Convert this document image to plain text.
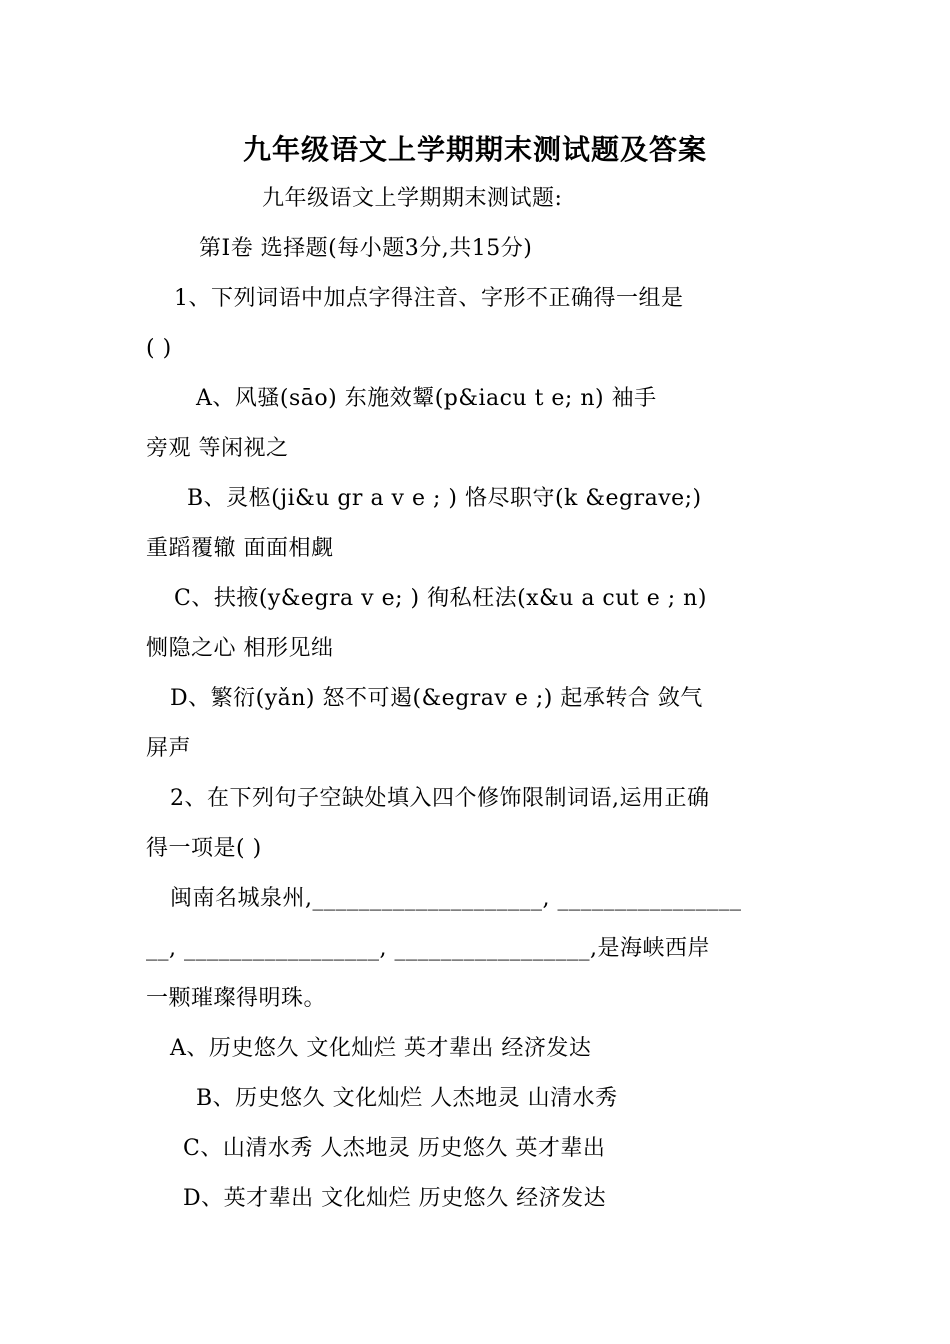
九年级语文上学期期末测试题及答案
九年级语文上学期期末测试题:
第Ⅰ卷 选择题(每小题3分,共15分)
1、下列词语中加点字得注音、字形不正确得一组是
( )
A、风骚(sāo) 东施效颦(p&iacu t e; n) 袖手
旁观 等闲视之
B、灵柩(ji&u gr a v e ; ) 恪尽职守(k &egrave;)
重蹈覆辙 面面相觑
C、扶掖(y&egra v e; ) 徇私枉法(x&u a cut e ; n)
恻隐之心 相形见绌
D、繁衍(yǎn) 怒不可遏(&egrav e ;) 起承转合 敛气
屏声
2、在下列句子空缺处填入四个修饰限制词语,运用正确
得一项是( )
闽南名城泉州,____________________, ________________
__, _________________, _________________,是海峡西岸
一颗璀璨得明珠。
A、历史悠久 文化灿烂 英才辈出 经济发达
B、历史悠久 文化灿烂 人杰地灵 山清水秀
C、山清水秀 人杰地灵 历史悠久 英才辈出
D、英才辈出 文化灿烂 历史悠久 经济发达
